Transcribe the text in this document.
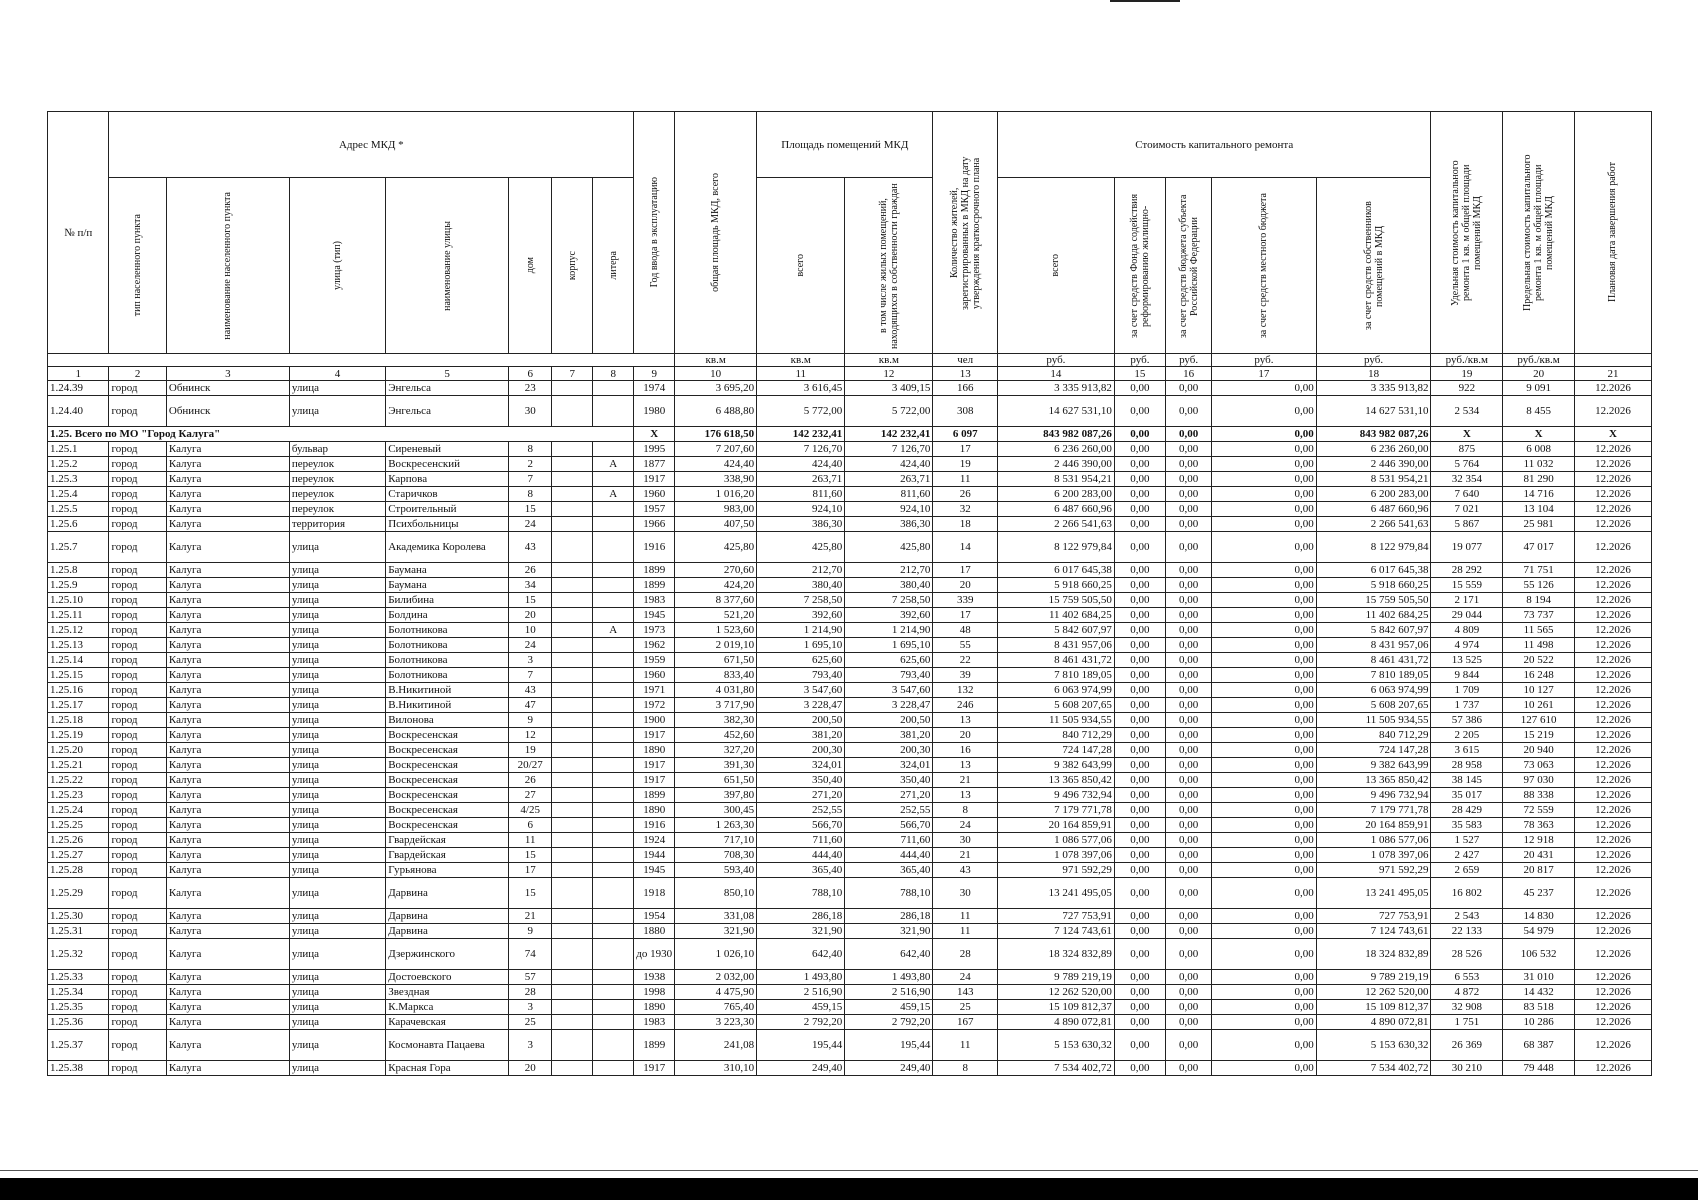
№ п/п	Адрес МКД *							Год ввода в эксплуатацию	общая площадь МКД, всего	Площадь помещений МКД		Количество жителей, зарегистрированных в МКД на дату утверждения краткосрочного плана	Стоимость капитального ремонта					Удельная стоимость капитального ремонта 1 кв. м общей площади помещений МКД	Предельная стоимость капитального ремонта 1 кв. м общей площади помещений МКД	Плановая дата завершения работ

	тип населенного пункта	наименование населенного пункта	улица (тип)	наименование улицы	дом	корпус	литера			всего	в том числе жилых помещений, находящихся в собственности граждан		всего	за счет средств Фонда содействия реформированию жилищно-	за счет средств бюджета субъекта Российской Федерации	за счет средств местного бюджета	за счет средств собственников помещений в МКД			

									кв.м	кв.м	кв.м	чел	руб.	руб.	руб.	руб.	руб.	руб./кв.м	руб./кв.м	
1	2	3	4	5	6	7	8	9	10	11	12	13	14	15	16	17	18	19	20	21
1.24.39	город	Обнинск	улица	Энгельса	23			1974	3 695,20	3 616,45	3 409,15	166	3 335 913,82	0,00	0,00	0,00	3 335 913,82	922	9 091	12.2026
1.24.40	город	Обнинск	улица	Энгельса	30			1980	6 488,80	5 772,00	5 722,00	308	14 627 531,10	0,00	0,00	0,00	14 627 531,10	2 534	8 455	12.2026
1.25. Всего по МО "Город Калуга"								X	176 618,50	142 232,41	142 232,41	6 097	843 982 087,26	0,00	0,00	0,00	843 982 087,26	X	X	X
1.25.1	город	Калуга	бульвар	Сиреневый	8			1995	7 207,60	7 126,70	7 126,70	17	6 236 260,00	0,00	0,00	0,00	6 236 260,00	875	6 008	12.2026
1.25.2	город	Калуга	переулок	Воскресенский	2		А	1877	424,40	424,40	424,40	19	2 446 390,00	0,00	0,00	0,00	2 446 390,00	5 764	11 032	12.2026
1.25.3	город	Калуга	переулок	Карпова	7			1917	338,90	263,71	263,71	11	8 531 954,21	0,00	0,00	0,00	8 531 954,21	32 354	81 290	12.2026
1.25.4	город	Калуга	переулок	Старичков	8		А	1960	1 016,20	811,60	811,60	26	6 200 283,00	0,00	0,00	0,00	6 200 283,00	7 640	14 716	12.2026
1.25.5	город	Калуга	переулок	Строительный	15			1957	983,00	924,10	924,10	32	6 487 660,96	0,00	0,00	0,00	6 487 660,96	7 021	13 104	12.2026
1.25.6	город	Калуга	территория	Психбольницы	24			1966	407,50	386,30	386,30	18	2 266 541,63	0,00	0,00	0,00	2 266 541,63	5 867	25 981	12.2026
1.25.7	город	Калуга	улица	Академика Королева	43			1916	425,80	425,80	425,80	14	8 122 979,84	0,00	0,00	0,00	8 122 979,84	19 077	47 017	12.2026
1.25.8	город	Калуга	улица	Баумана	26			1899	270,60	212,70	212,70	17	6 017 645,38	0,00	0,00	0,00	6 017 645,38	28 292	71 751	12.2026
1.25.9	город	Калуга	улица	Баумана	34			1899	424,20	380,40	380,40	20	5 918 660,25	0,00	0,00	0,00	5 918 660,25	15 559	55 126	12.2026
1.25.10	город	Калуга	улица	Билибина	15			1983	8 377,60	7 258,50	7 258,50	339	15 759 505,50	0,00	0,00	0,00	15 759 505,50	2 171	8 194	12.2026
1.25.11	город	Калуга	улица	Болдина	20			1945	521,20	392,60	392,60	17	11 402 684,25	0,00	0,00	0,00	11 402 684,25	29 044	73 737	12.2026
1.25.12	город	Калуга	улица	Болотникова	10		А	1973	1 523,60	1 214,90	1 214,90	48	5 842 607,97	0,00	0,00	0,00	5 842 607,97	4 809	11 565	12.2026
1.25.13	город	Калуга	улица	Болотникова	24			1962	2 019,10	1 695,10	1 695,10	55	8 431 957,06	0,00	0,00	0,00	8 431 957,06	4 974	11 498	12.2026
1.25.14	город	Калуга	улица	Болотникова	3			1959	671,50	625,60	625,60	22	8 461 431,72	0,00	0,00	0,00	8 461 431,72	13 525	20 522	12.2026
1.25.15	город	Калуга	улица	Болотникова	7			1960	833,40	793,40	793,40	39	7 810 189,05	0,00	0,00	0,00	7 810 189,05	9 844	16 248	12.2026
1.25.16	город	Калуга	улица	В.Никитиной	43			1971	4 031,80	3 547,60	3 547,60	132	6 063 974,99	0,00	0,00	0,00	6 063 974,99	1 709	10 127	12.2026
1.25.17	город	Калуга	улица	В.Никитиной	47			1972	3 717,90	3 228,47	3 228,47	246	5 608 207,65	0,00	0,00	0,00	5 608 207,65	1 737	10 261	12.2026
1.25.18	город	Калуга	улица	Вилонова	9			1900	382,30	200,50	200,50	13	11 505 934,55	0,00	0,00	0,00	11 505 934,55	57 386	127 610	12.2026
1.25.19	город	Калуга	улица	Воскресенская	12			1917	452,60	381,20	381,20	20	840 712,29	0,00	0,00	0,00	840 712,29	2 205	15 219	12.2026
1.25.20	город	Калуга	улица	Воскресенская	19			1890	327,20	200,30	200,30	16	724 147,28	0,00	0,00	0,00	724 147,28	3 615	20 940	12.2026
1.25.21	город	Калуга	улица	Воскресенская	20/27			1917	391,30	324,01	324,01	13	9 382 643,99	0,00	0,00	0,00	9 382 643,99	28 958	73 063	12.2026
1.25.22	город	Калуга	улица	Воскресенская	26			1917	651,50	350,40	350,40	21	13 365 850,42	0,00	0,00	0,00	13 365 850,42	38 145	97 030	12.2026
1.25.23	город	Калуга	улица	Воскресенская	27			1899	397,80	271,20	271,20	13	9 496 732,94	0,00	0,00	0,00	9 496 732,94	35 017	88 338	12.2026
1.25.24	город	Калуга	улица	Воскресенская	4/25			1890	300,45	252,55	252,55	8	7 179 771,78	0,00	0,00	0,00	7 179 771,78	28 429	72 559	12.2026
1.25.25	город	Калуга	улица	Воскресенская	6			1916	1 263,30	566,70	566,70	24	20 164 859,91	0,00	0,00	0,00	20 164 859,91	35 583	78 363	12.2026
1.25.26	город	Калуга	улица	Гвардейская	11			1924	717,10	711,60	711,60	30	1 086 577,06	0,00	0,00	0,00	1 086 577,06	1 527	12 918	12.2026
1.25.27	город	Калуга	улица	Гвардейская	15			1944	708,30	444,40	444,40	21	1 078 397,06	0,00	0,00	0,00	1 078 397,06	2 427	20 431	12.2026
1.25.28	город	Калуга	улица	Гурьянова	17			1945	593,40	365,40	365,40	43	971 592,29	0,00	0,00	0,00	971 592,29	2 659	20 817	12.2026
1.25.29	город	Калуга	улица	Дарвина	15			1918	850,10	788,10	788,10	30	13 241 495,05	0,00	0,00	0,00	13 241 495,05	16 802	45 237	12.2026
1.25.30	город	Калуга	улица	Дарвина	21			1954	331,08	286,18	286,18	11	727 753,91	0,00	0,00	0,00	727 753,91	2 543	14 830	12.2026
1.25.31	город	Калуга	улица	Дарвина	9			1880	321,90	321,90	321,90	11	7 124 743,61	0,00	0,00	0,00	7 124 743,61	22 133	54 979	12.2026
1.25.32	город	Калуга	улица	Дзержинского	74			до 1930	1 026,10	642,40	642,40	28	18 324 832,89	0,00	0,00	0,00	18 324 832,89	28 526	106 532	12.2026
1.25.33	город	Калуга	улица	Достоевского	57			1938	2 032,00	1 493,80	1 493,80	24	9 789 219,19	0,00	0,00	0,00	9 789 219,19	6 553	31 010	12.2026
1.25.34	город	Калуга	улица	Звездная	28			1998	4 475,90	2 516,90	2 516,90	143	12 262 520,00	0,00	0,00	0,00	12 262 520,00	4 872	14 432	12.2026
1.25.35	город	Калуга	улица	К.Маркса	3			1890	765,40	459,15	459,15	25	15 109 812,37	0,00	0,00	0,00	15 109 812,37	32 908	83 518	12.2026
1.25.36	город	Калуга	улица	Карачевская	25			1983	3 223,30	2 792,20	2 792,20	167	4 890 072,81	0,00	0,00	0,00	4 890 072,81	1 751	10 286	12.2026
1.25.37	город	Калуга	улица	Космонавта Пацаева	3			1899	241,08	195,44	195,44	11	5 153 630,32	0,00	0,00	0,00	5 153 630,32	26 369	68 387	12.2026
1.25.38	город	Калуга	улица	Красная Гора	20			1917	310,10	249,40	249,40	8	7 534 402,72	0,00	0,00	0,00	7 534 402,72	30 210	79 448	12.2026
